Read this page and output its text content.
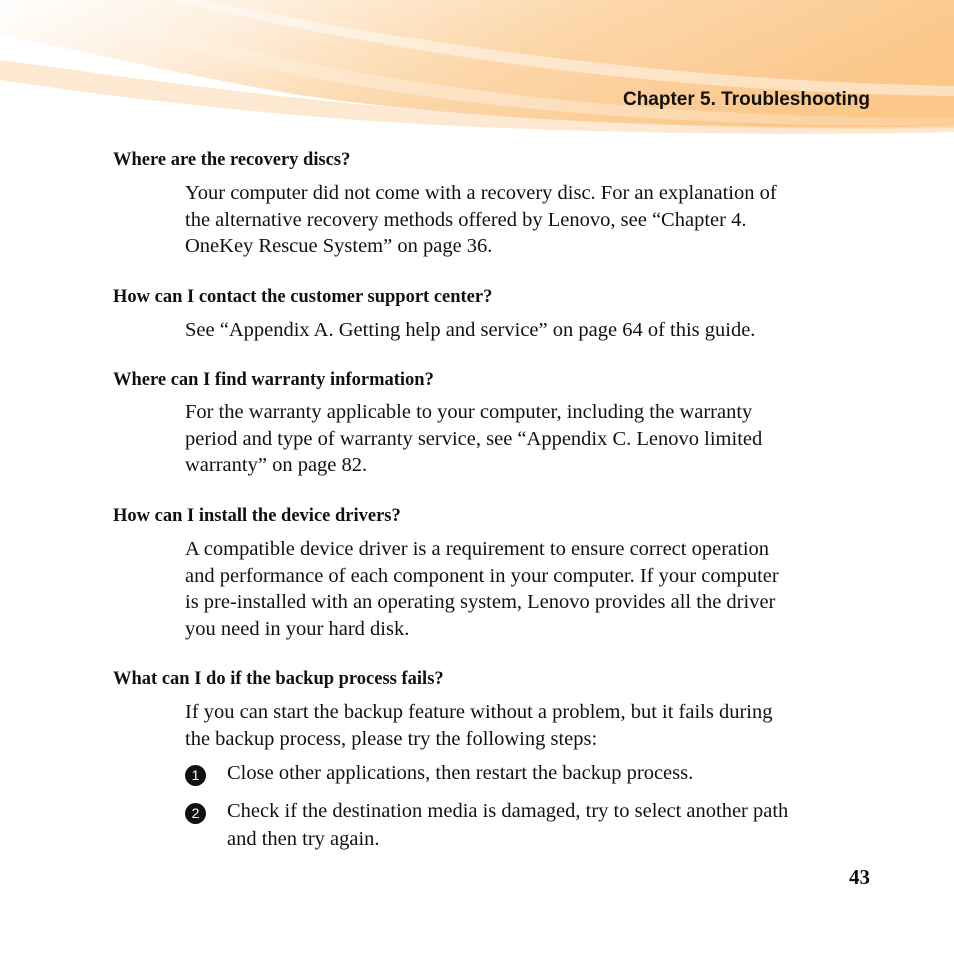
Chapter 5. Troubleshooting

Where are the recovery discs?

Your computer did not come with a recovery disc. For an explanation of
the alternative recovery methods offered by Lenovo, see “Chapter 4.
OneKey Rescue System” on page 36.

How can I contact the customer support center?

See “Appendix A. Getting help and service” on page 64 of this guide.

Where can I find warranty information?

For the warranty applicable to your computer, including the warranty
period and type of warranty service, see “Appendix C. Lenovo limited
warranty” on page 82.

How can I install the device drivers?

A compatible device driver is a requirement to ensure correct operation
and performance of each component in your computer. If your computer
is pre-installed with an operating system, Lenovo provides all the driver
you need in your hard disk.

What can I do if the backup process fails?

If you can start the backup feature without a problem, but it fails during
the backup process, please try the following steps:
1	Close other applications, then restart the backup process.
2	Check if the destination media is damaged, try to select another path
and then try again.
43
